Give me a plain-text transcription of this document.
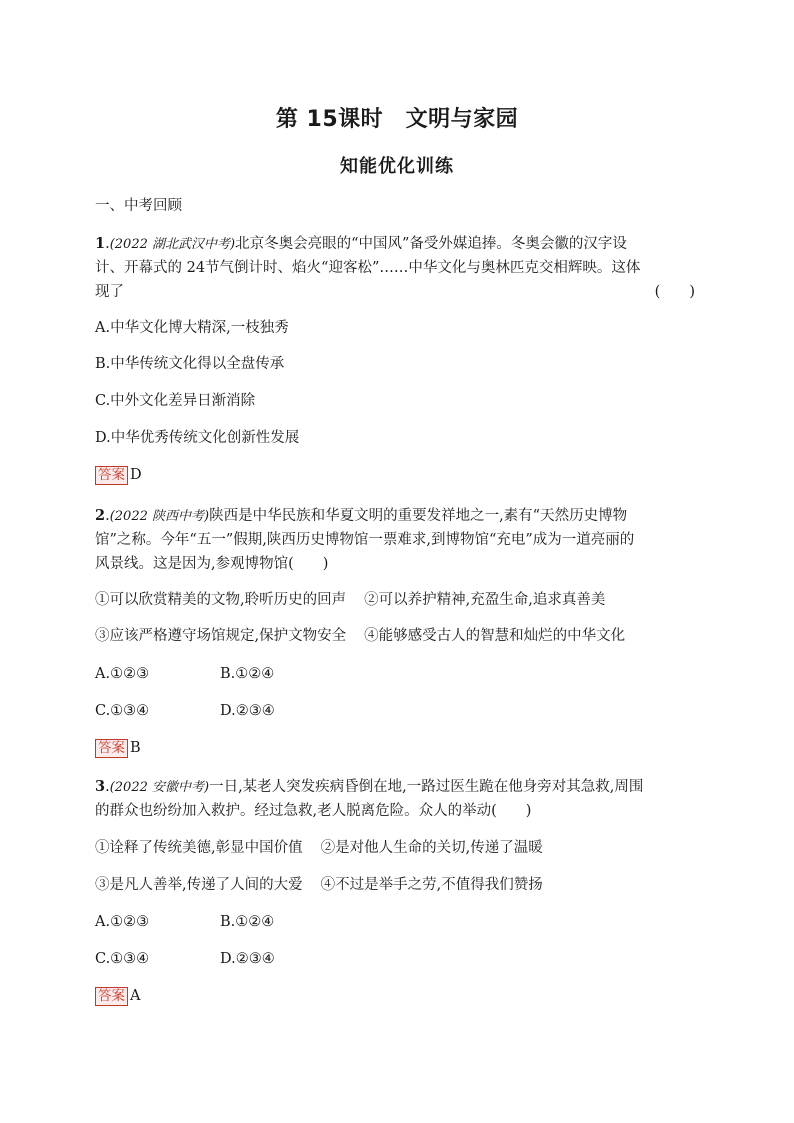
第 15课时　文明与家园
知能优化训练
一、中考回顾
1.(2022 湖北武汉中考)北京冬奥会亮眼的“中国风”备受外媒追捧。冬奥会徽的汉字设
计、开幕式的 24节气倒计时、焰火“迎客松”……中华文化与奥林匹克交相辉映。这体
现了	(　　)
A.中华文化博大精深,一枝独秀
B.中华传统文化得以全盘传承
C.中外文化差异日渐消除
D.中华优秀传统文化创新性发展
答案 D
2.(2022 陕西中考)陕西是中华民族和华夏文明的重要发祥地之一,素有“天然历史博物
馆”之称。今年“五一”假期,陕西历史博物馆一票难求,到博物馆“充电”成为一道亮丽的
风景线。这是因为,参观博物馆(　　)
①可以欣赏精美的文物,聆听历史的回声 ②可以养护精神,充盈生命,追求真善美
③应该严格遵守场馆规定,保护文物安全 ④能够感受古人的智慧和灿烂的中华文化
A.①②③	B.①②④
C.①③④	D.②③④
答案 B
3.(2022 安徽中考)一日,某老人突发疾病昏倒在地,一路过医生跪在他身旁对其急救,周围
的群众也纷纷加入救护。经过急救,老人脱离危险。众人的举动(　　)
①诠释了传统美德,彰显中国价值 ②是对他人生命的关切,传递了温暖
③是凡人善举,传递了人间的大爱 ④不过是举手之劳,不值得我们赞扬
A.①②③	B.①②④
C.①③④	D.②③④
答案 A
